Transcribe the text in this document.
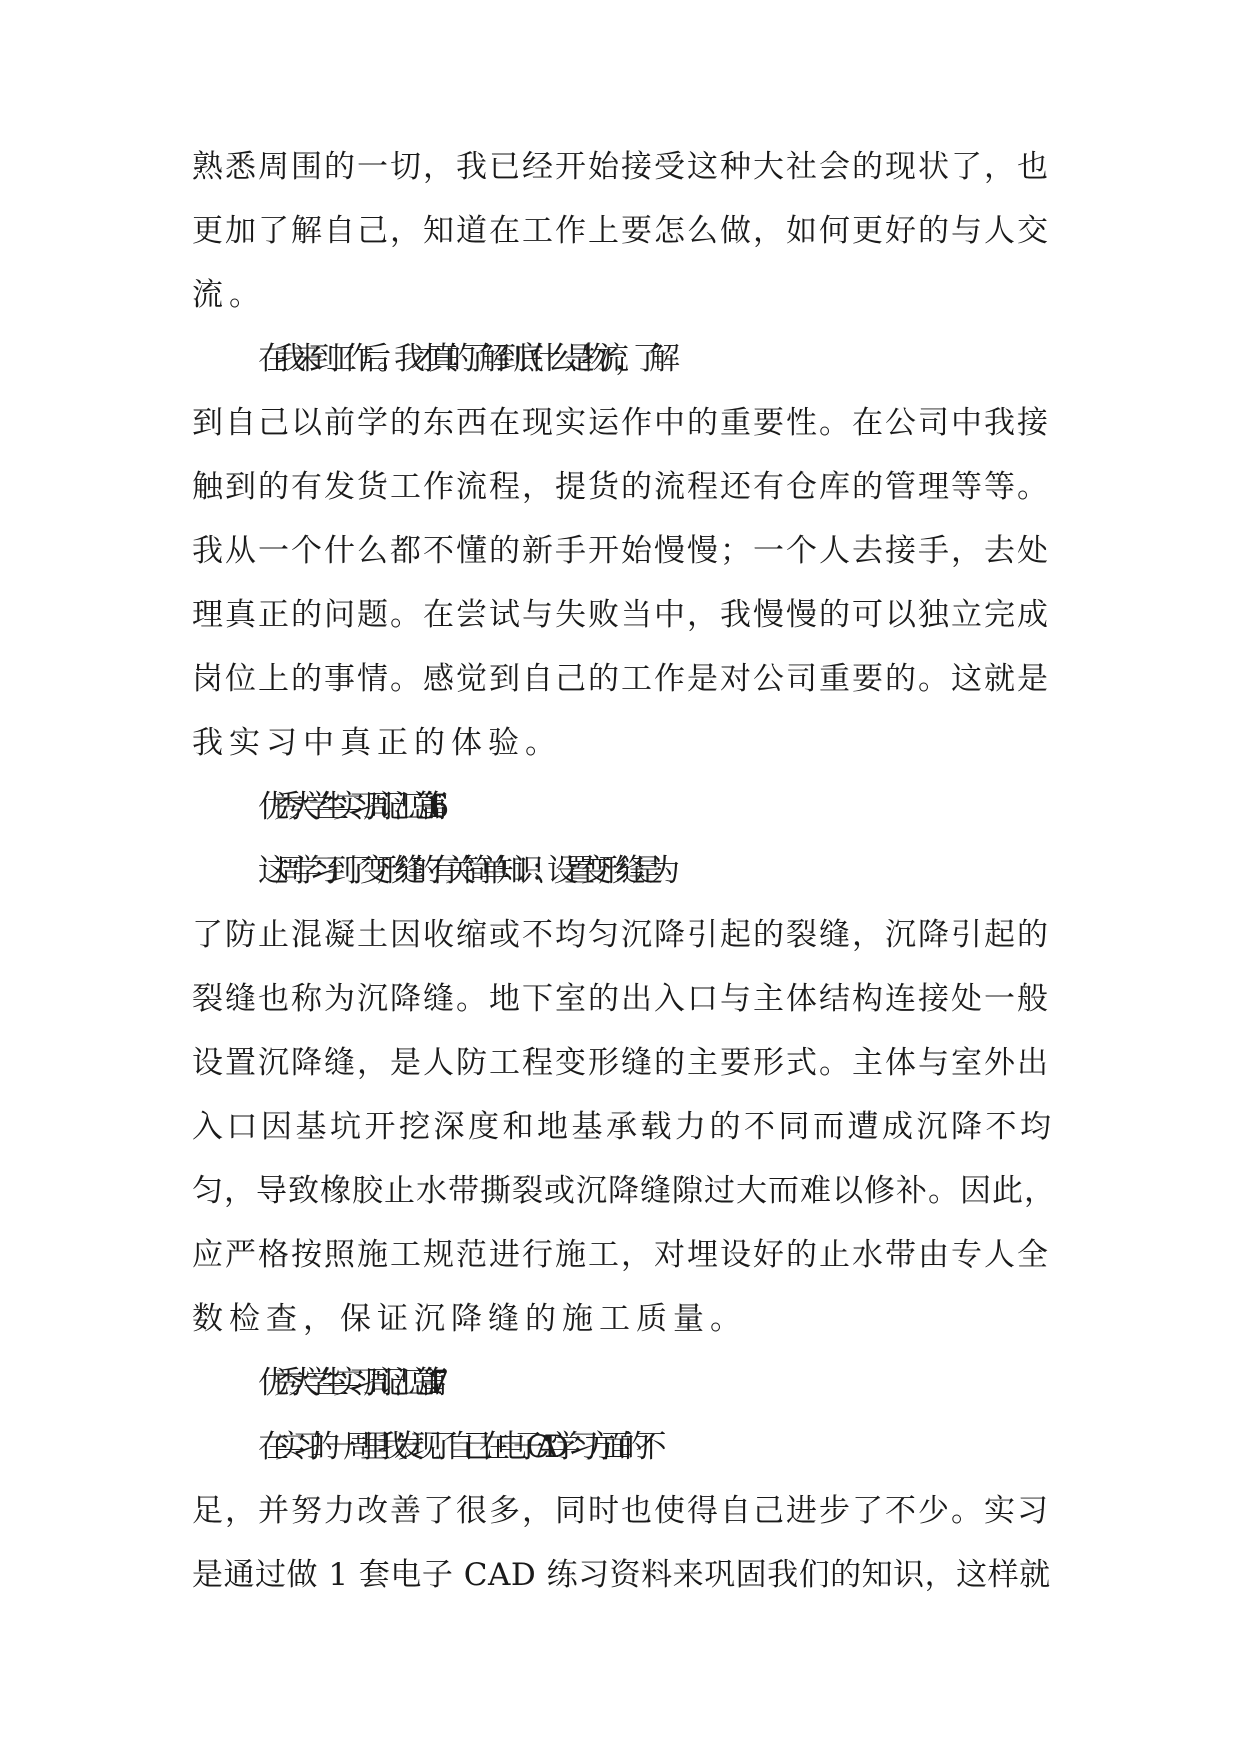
熟悉周围的一切，我已经开始接受这种大社会的现状了，也
更加了解自己，知道在工作上要怎么做，如何更好的与人交
流。
在我来到工作后。我才真的了解到底什么是物流，了解
到自己以前学的东西在现实运作中的重要性。在公司中我接
触到的有发货工作流程，提货的流程还有仓库的管理等等。
我从一个什么都不懂的新手开始慢慢；一个人去接手，去处
理真正的问题。在尝试与失败当中，我慢慢的可以独立完成
岗位上的事情。感觉到自己的工作是对公司重要的。这就是
我实习中真正的体验。
优秀大学生实习周记汇总 篇 16
这周学习到了变形缝的有关简单知识：设置变形缝是为
了防止混凝土因收缩或不均匀沉降引起的裂缝，沉降引起的
裂缝也称为沉降缝。地下室的出入口与主体结构连接处一般
设置沉降缝，是人防工程变形缝的主要形式。主体与室外出
入口因基坑开挖深度和地基承载力的不同而遭成沉降不均
匀，导致橡胶止水带撕裂或沉降缝隙过大而难以修补。因此，
应严格按照施工规范进行施工，对埋设好的止水带由专人全
数检查，保证沉降缝的施工质量。
优秀大学生实习周记汇总 篇 17
在实习的一周里我发现了自己在电子 CAD 学习方面的不
足，并努力改善了很多，同时也使得自己进步了不少。实习
是通过做 1 套电子 CAD 练习资料来巩固我们的知识，这样就
